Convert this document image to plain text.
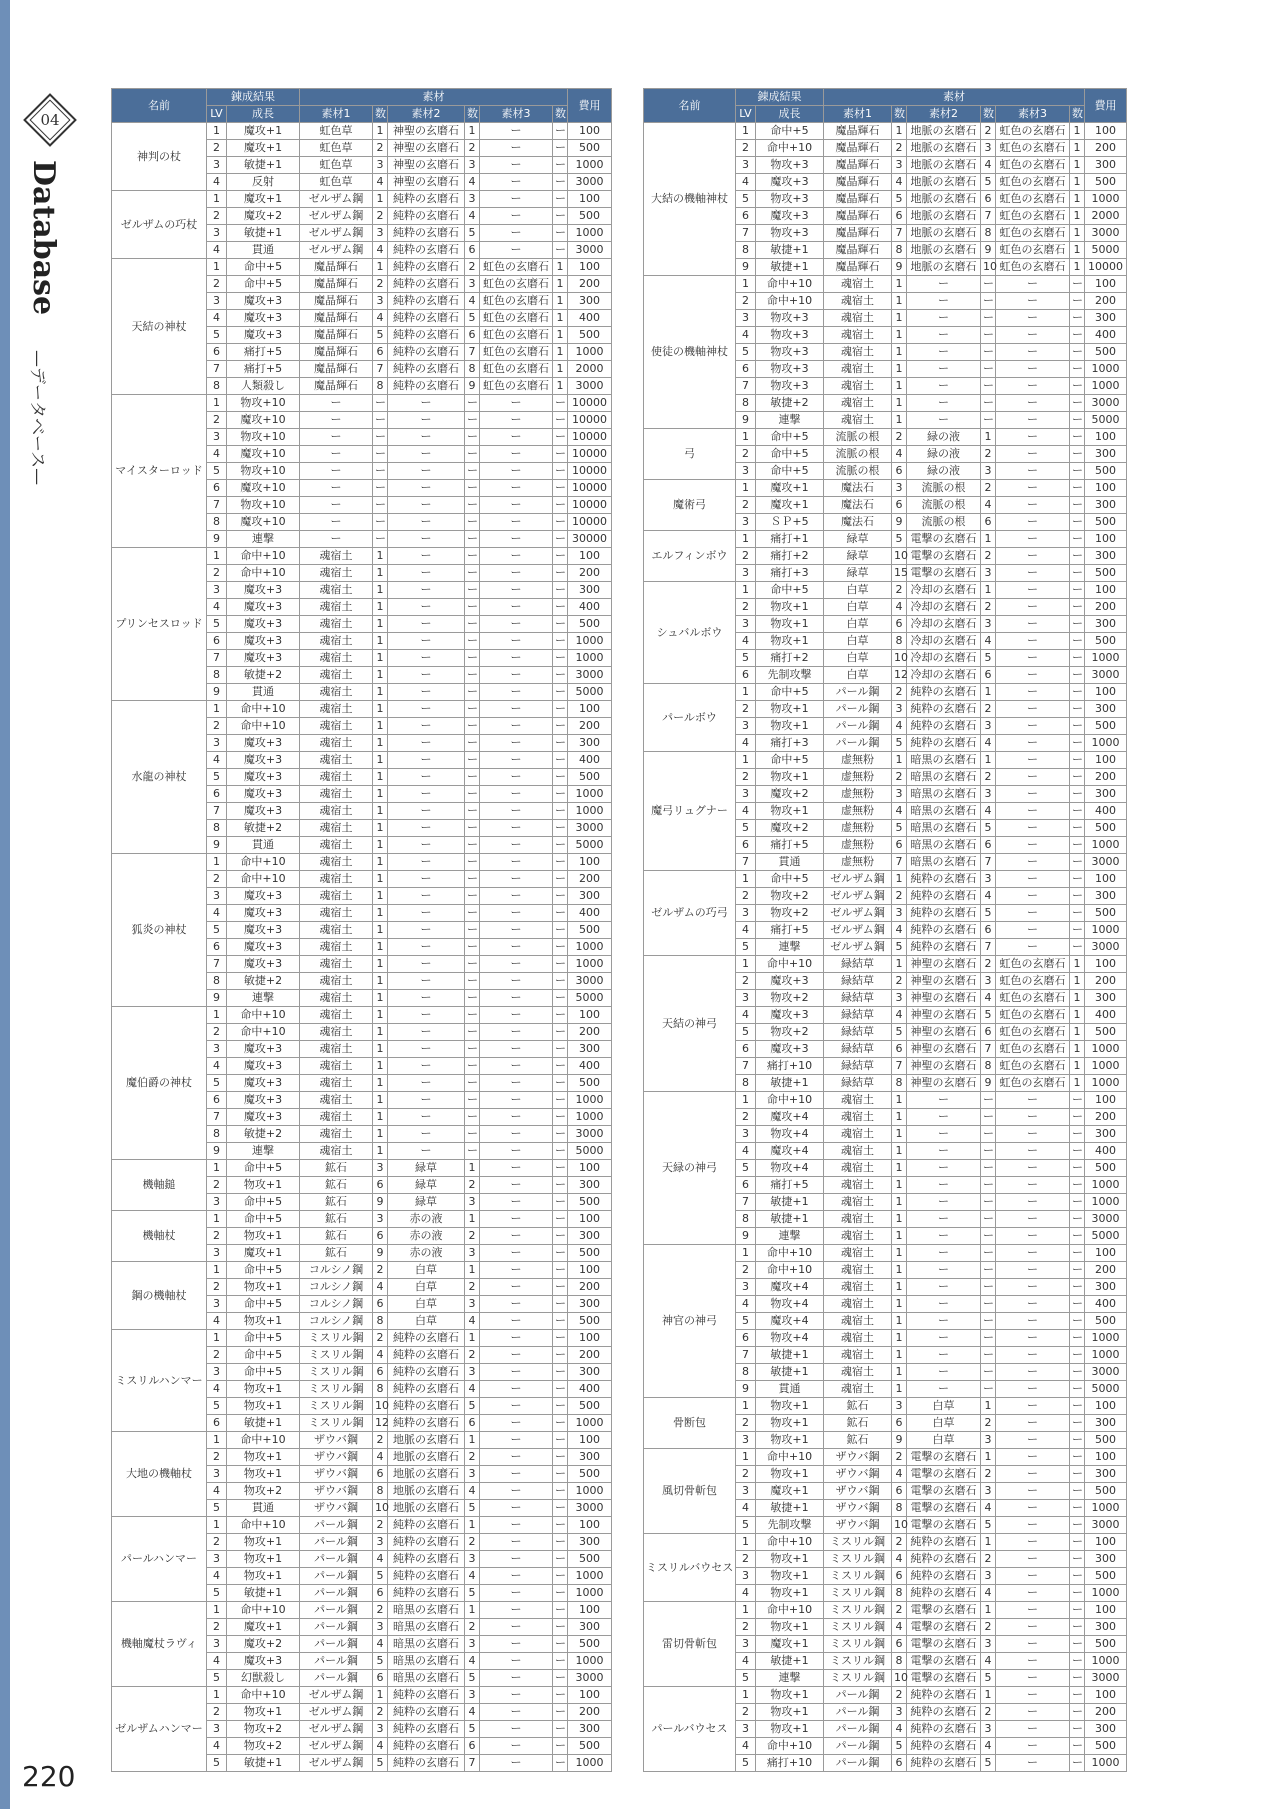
04
Database
—データベース—
名前	錬成結果		素材						費用
	LV	成長	素材1	数	素材2	数	素材3	数	
神判の杖	1	魔攻+1	虹色草	1	神聖の玄磨石	1	ー	ー	100
	2	魔攻+1	虹色草	2	神聖の玄磨石	2	ー	ー	500
	3	敏捷+1	虹色草	3	神聖の玄磨石	3	ー	ー	1000
	4	反射	虹色草	4	神聖の玄磨石	4	ー	ー	3000
ゼルザムの巧杖	1	魔攻+1	ゼルザム鋼	1	純粋の玄磨石	3	ー	ー	100
	2	魔攻+2	ゼルザム鋼	2	純粋の玄磨石	4	ー	ー	500
	3	敏捷+1	ゼルザム鋼	3	純粋の玄磨石	5	ー	ー	1000
	4	貫通	ゼルザム鋼	4	純粋の玄磨石	6	ー	ー	3000
天結の神杖	1	命中+5	魔晶輝石	1	純粋の玄磨石	2	虹色の玄磨石	1	100
	2	命中+5	魔晶輝石	2	純粋の玄磨石	3	虹色の玄磨石	1	200
	3	魔攻+3	魔晶輝石	3	純粋の玄磨石	4	虹色の玄磨石	1	300
	4	魔攻+3	魔晶輝石	4	純粋の玄磨石	5	虹色の玄磨石	1	400
	5	魔攻+3	魔晶輝石	5	純粋の玄磨石	6	虹色の玄磨石	1	500
	6	痛打+5	魔晶輝石	6	純粋の玄磨石	7	虹色の玄磨石	1	1000
	7	痛打+5	魔晶輝石	7	純粋の玄磨石	8	虹色の玄磨石	1	2000
	8	人類殺し	魔晶輝石	8	純粋の玄磨石	9	虹色の玄磨石	1	3000
マイスターロッド	1	物攻+10	ー	ー	ー	ー	ー	ー	10000
	2	魔攻+10	ー	ー	ー	ー	ー	ー	10000
	3	物攻+10	ー	ー	ー	ー	ー	ー	10000
	4	魔攻+10	ー	ー	ー	ー	ー	ー	10000
	5	物攻+10	ー	ー	ー	ー	ー	ー	10000
	6	魔攻+10	ー	ー	ー	ー	ー	ー	10000
	7	物攻+10	ー	ー	ー	ー	ー	ー	10000
	8	魔攻+10	ー	ー	ー	ー	ー	ー	10000
	9	連撃	ー	ー	ー	ー	ー	ー	30000
プリンセスロッド	1	命中+10	魂宿土	1	ー	ー	ー	ー	100
	2	命中+10	魂宿土	1	ー	ー	ー	ー	200
	3	魔攻+3	魂宿土	1	ー	ー	ー	ー	300
	4	魔攻+3	魂宿土	1	ー	ー	ー	ー	400
	5	魔攻+3	魂宿土	1	ー	ー	ー	ー	500
	6	魔攻+3	魂宿土	1	ー	ー	ー	ー	1000
	7	魔攻+3	魂宿土	1	ー	ー	ー	ー	1000
	8	敏捷+2	魂宿土	1	ー	ー	ー	ー	3000
	9	貫通	魂宿土	1	ー	ー	ー	ー	5000
水龍の神杖	1	命中+10	魂宿土	1	ー	ー	ー	ー	100
	2	命中+10	魂宿土	1	ー	ー	ー	ー	200
	3	魔攻+3	魂宿土	1	ー	ー	ー	ー	300
	4	魔攻+3	魂宿土	1	ー	ー	ー	ー	400
	5	魔攻+3	魂宿土	1	ー	ー	ー	ー	500
	6	魔攻+3	魂宿土	1	ー	ー	ー	ー	1000
	7	魔攻+3	魂宿土	1	ー	ー	ー	ー	1000
	8	敏捷+2	魂宿土	1	ー	ー	ー	ー	3000
	9	貫通	魂宿土	1	ー	ー	ー	ー	5000
狐炎の神杖	1	命中+10	魂宿土	1	ー	ー	ー	ー	100
	2	命中+10	魂宿土	1	ー	ー	ー	ー	200
	3	魔攻+3	魂宿土	1	ー	ー	ー	ー	300
	4	魔攻+3	魂宿土	1	ー	ー	ー	ー	400
	5	魔攻+3	魂宿土	1	ー	ー	ー	ー	500
	6	魔攻+3	魂宿土	1	ー	ー	ー	ー	1000
	7	魔攻+3	魂宿土	1	ー	ー	ー	ー	1000
	8	敏捷+2	魂宿土	1	ー	ー	ー	ー	3000
	9	連撃	魂宿土	1	ー	ー	ー	ー	5000
魔伯爵の神杖	1	命中+10	魂宿土	1	ー	ー	ー	ー	100
	2	命中+10	魂宿土	1	ー	ー	ー	ー	200
	3	魔攻+3	魂宿土	1	ー	ー	ー	ー	300
	4	魔攻+3	魂宿土	1	ー	ー	ー	ー	400
	5	魔攻+3	魂宿土	1	ー	ー	ー	ー	500
	6	魔攻+3	魂宿土	1	ー	ー	ー	ー	1000
	7	魔攻+3	魂宿土	1	ー	ー	ー	ー	1000
	8	敏捷+2	魂宿土	1	ー	ー	ー	ー	3000
	9	連撃	魂宿土	1	ー	ー	ー	ー	5000
機軸鎚	1	命中+5	鉱石	3	緑草	1	ー	ー	100
	2	物攻+1	鉱石	6	緑草	2	ー	ー	300
	3	命中+5	鉱石	9	緑草	3	ー	ー	500
機軸杖	1	命中+5	鉱石	3	赤の液	1	ー	ー	100
	2	物攻+1	鉱石	6	赤の液	2	ー	ー	300
	3	魔攻+1	鉱石	9	赤の液	3	ー	ー	500
鋼の機軸杖	1	命中+5	コルシノ鋼	2	白草	1	ー	ー	100
	2	物攻+1	コルシノ鋼	4	白草	2	ー	ー	200
	3	命中+5	コルシノ鋼	6	白草	3	ー	ー	300
	4	物攻+1	コルシノ鋼	8	白草	4	ー	ー	500
ミスリルハンマー	1	命中+5	ミスリル鋼	2	純粋の玄磨石	1	ー	ー	100
	2	命中+5	ミスリル鋼	4	純粋の玄磨石	2	ー	ー	200
	3	命中+5	ミスリル鋼	6	純粋の玄磨石	3	ー	ー	300
	4	物攻+1	ミスリル鋼	8	純粋の玄磨石	4	ー	ー	400
	5	物攻+1	ミスリル鋼	10	純粋の玄磨石	5	ー	ー	500
	6	敏捷+1	ミスリル鋼	12	純粋の玄磨石	6	ー	ー	1000
大地の機軸杖	1	命中+10	ザウバ鋼	2	地脈の玄磨石	1	ー	ー	100
	2	物攻+1	ザウバ鋼	4	地脈の玄磨石	2	ー	ー	300
	3	物攻+1	ザウバ鋼	6	地脈の玄磨石	3	ー	ー	500
	4	物攻+2	ザウバ鋼	8	地脈の玄磨石	4	ー	ー	1000
	5	貫通	ザウバ鋼	10	地脈の玄磨石	5	ー	ー	3000
パールハンマー	1	命中+10	パール鋼	2	純粋の玄磨石	1	ー	ー	100
	2	物攻+1	パール鋼	3	純粋の玄磨石	2	ー	ー	300
	3	物攻+1	パール鋼	4	純粋の玄磨石	3	ー	ー	500
	4	物攻+1	パール鋼	5	純粋の玄磨石	4	ー	ー	1000
	5	敏捷+1	パール鋼	6	純粋の玄磨石	5	ー	ー	1000
機軸魔杖ラヴィ	1	命中+10	パール鋼	2	暗黒の玄磨石	1	ー	ー	100
	2	魔攻+1	パール鋼	3	暗黒の玄磨石	2	ー	ー	300
	3	魔攻+2	パール鋼	4	暗黒の玄磨石	3	ー	ー	500
	4	魔攻+3	パール鋼	5	暗黒の玄磨石	4	ー	ー	1000
	5	幻獣殺し	パール鋼	6	暗黒の玄磨石	5	ー	ー	3000
ゼルザムハンマー	1	命中+10	ゼルザム鋼	1	純粋の玄磨石	3	ー	ー	100
	2	物攻+1	ゼルザム鋼	2	純粋の玄磨石	4	ー	ー	200
	3	物攻+2	ゼルザム鋼	3	純粋の玄磨石	5	ー	ー	300
	4	物攻+2	ゼルザム鋼	4	純粋の玄磨石	6	ー	ー	500
	5	敏捷+1	ゼルザム鋼	5	純粋の玄磨石	7	ー	ー	1000
名前	錬成結果		素材						費用
	LV	成長	素材1	数	素材2	数	素材3	数	
大結の機軸神杖	1	命中+5	魔晶輝石	1	地脈の玄磨石	2	虹色の玄磨石	1	100
	2	命中+10	魔晶輝石	2	地脈の玄磨石	3	虹色の玄磨石	1	200
	3	物攻+3	魔晶輝石	3	地脈の玄磨石	4	虹色の玄磨石	1	300
	4	魔攻+3	魔晶輝石	4	地脈の玄磨石	5	虹色の玄磨石	1	500
	5	物攻+3	魔晶輝石	5	地脈の玄磨石	6	虹色の玄磨石	1	1000
	6	魔攻+3	魔晶輝石	6	地脈の玄磨石	7	虹色の玄磨石	1	2000
	7	物攻+3	魔晶輝石	7	地脈の玄磨石	8	虹色の玄磨石	1	3000
	8	敏捷+1	魔晶輝石	8	地脈の玄磨石	9	虹色の玄磨石	1	5000
	9	敏捷+1	魔晶輝石	9	地脈の玄磨石	10	虹色の玄磨石	1	10000
使徒の機軸神杖	1	命中+10	魂宿土	1	ー	ー	ー	ー	100
	2	命中+10	魂宿土	1	ー	ー	ー	ー	200
	3	物攻+3	魂宿土	1	ー	ー	ー	ー	300
	4	物攻+3	魂宿土	1	ー	ー	ー	ー	400
	5	物攻+3	魂宿土	1	ー	ー	ー	ー	500
	6	物攻+3	魂宿土	1	ー	ー	ー	ー	1000
	7	物攻+3	魂宿土	1	ー	ー	ー	ー	1000
	8	敏捷+2	魂宿土	1	ー	ー	ー	ー	3000
	9	連撃	魂宿土	1	ー	ー	ー	ー	5000
弓	1	命中+5	流脈の根	2	緑の液	1	ー	ー	100
	2	命中+5	流脈の根	4	緑の液	2	ー	ー	300
	3	命中+5	流脈の根	6	緑の液	3	ー	ー	500
魔術弓	1	魔攻+1	魔法石	3	流脈の根	2	ー	ー	100
	2	魔攻+1	魔法石	6	流脈の根	4	ー	ー	300
	3	ＳＰ+5	魔法石	9	流脈の根	6	ー	ー	500
エルフィンボウ	1	痛打+1	緑草	5	電撃の玄磨石	1	ー	ー	100
	2	痛打+2	緑草	10	電撃の玄磨石	2	ー	ー	300
	3	痛打+3	緑草	15	電撃の玄磨石	3	ー	ー	500
シュバルボウ	1	命中+5	白草	2	冷却の玄磨石	1	ー	ー	100
	2	物攻+1	白草	4	冷却の玄磨石	2	ー	ー	200
	3	物攻+1	白草	6	冷却の玄磨石	3	ー	ー	300
	4	物攻+1	白草	8	冷却の玄磨石	4	ー	ー	500
	5	痛打+2	白草	10	冷却の玄磨石	5	ー	ー	1000
	6	先制攻撃	白草	12	冷却の玄磨石	6	ー	ー	3000
パールボウ	1	命中+5	パール鋼	2	純粋の玄磨石	1	ー	ー	100
	2	物攻+1	パール鋼	3	純粋の玄磨石	2	ー	ー	300
	3	物攻+1	パール鋼	4	純粋の玄磨石	3	ー	ー	500
	4	痛打+3	パール鋼	5	純粋の玄磨石	4	ー	ー	1000
魔弓リュグナー	1	命中+5	虚無粉	1	暗黒の玄磨石	1	ー	ー	100
	2	物攻+1	虚無粉	2	暗黒の玄磨石	2	ー	ー	200
	3	魔攻+2	虚無粉	3	暗黒の玄磨石	3	ー	ー	300
	4	物攻+1	虚無粉	4	暗黒の玄磨石	4	ー	ー	400
	5	魔攻+2	虚無粉	5	暗黒の玄磨石	5	ー	ー	500
	6	痛打+5	虚無粉	6	暗黒の玄磨石	6	ー	ー	1000
	7	貫通	虚無粉	7	暗黒の玄磨石	7	ー	ー	3000
ゼルザムの巧弓	1	命中+5	ゼルザム鋼	1	純粋の玄磨石	3	ー	ー	100
	2	物攻+2	ゼルザム鋼	2	純粋の玄磨石	4	ー	ー	300
	3	物攻+2	ゼルザム鋼	3	純粋の玄磨石	5	ー	ー	500
	4	痛打+5	ゼルザム鋼	4	純粋の玄磨石	6	ー	ー	1000
	5	連撃	ゼルザム鋼	5	純粋の玄磨石	7	ー	ー	3000
天結の神弓	1	命中+10	緑結草	1	神聖の玄磨石	2	虹色の玄磨石	1	100
	2	魔攻+3	緑結草	2	神聖の玄磨石	3	虹色の玄磨石	1	200
	3	物攻+2	緑結草	3	神聖の玄磨石	4	虹色の玄磨石	1	300
	4	魔攻+3	緑結草	4	神聖の玄磨石	5	虹色の玄磨石	1	400
	5	物攻+2	緑結草	5	神聖の玄磨石	6	虹色の玄磨石	1	500
	6	魔攻+3	緑結草	6	神聖の玄磨石	7	虹色の玄磨石	1	1000
	7	痛打+10	緑結草	7	神聖の玄磨石	8	虹色の玄磨石	1	1000
	8	敏捷+1	緑結草	8	神聖の玄磨石	9	虹色の玄磨石	1	1000
天緑の神弓	1	命中+10	魂宿土	1	ー	ー	ー	ー	100
	2	魔攻+4	魂宿土	1	ー	ー	ー	ー	200
	3	物攻+4	魂宿土	1	ー	ー	ー	ー	300
	4	魔攻+4	魂宿土	1	ー	ー	ー	ー	400
	5	物攻+4	魂宿土	1	ー	ー	ー	ー	500
	6	痛打+5	魂宿土	1	ー	ー	ー	ー	1000
	7	敏捷+1	魂宿土	1	ー	ー	ー	ー	1000
	8	敏捷+1	魂宿土	1	ー	ー	ー	ー	3000
	9	連撃	魂宿土	1	ー	ー	ー	ー	5000
神官の神弓	1	命中+10	魂宿土	1	ー	ー	ー	ー	100
	2	命中+10	魂宿土	1	ー	ー	ー	ー	200
	3	魔攻+4	魂宿土	1	ー	ー	ー	ー	300
	4	物攻+4	魂宿土	1	ー	ー	ー	ー	400
	5	魔攻+4	魂宿土	1	ー	ー	ー	ー	500
	6	物攻+4	魂宿土	1	ー	ー	ー	ー	1000
	7	敏捷+1	魂宿土	1	ー	ー	ー	ー	1000
	8	敏捷+1	魂宿土	1	ー	ー	ー	ー	3000
	9	貫通	魂宿土	1	ー	ー	ー	ー	5000
骨断包	1	物攻+1	鉱石	3	白草	1	ー	ー	100
	2	物攻+1	鉱石	6	白草	2	ー	ー	300
	3	物攻+1	鉱石	9	白草	3	ー	ー	500
風切骨斬包	1	命中+10	ザウバ鋼	2	電撃の玄磨石	1	ー	ー	100
	2	物攻+1	ザウバ鋼	4	電撃の玄磨石	2	ー	ー	300
	3	魔攻+1	ザウバ鋼	6	電撃の玄磨石	3	ー	ー	500
	4	敏捷+1	ザウバ鋼	8	電撃の玄磨石	4	ー	ー	1000
	5	先制攻撃	ザウバ鋼	10	電撃の玄磨石	5	ー	ー	3000
ミスリルバウセス	1	命中+10	ミスリル鋼	2	純粋の玄磨石	1	ー	ー	100
	2	物攻+1	ミスリル鋼	4	純粋の玄磨石	2	ー	ー	300
	3	物攻+1	ミスリル鋼	6	純粋の玄磨石	3	ー	ー	500
	4	物攻+1	ミスリル鋼	8	純粋の玄磨石	4	ー	ー	1000
雷切骨斬包	1	命中+10	ミスリル鋼	2	電撃の玄磨石	1	ー	ー	100
	2	物攻+1	ミスリル鋼	4	電撃の玄磨石	2	ー	ー	300
	3	魔攻+1	ミスリル鋼	6	電撃の玄磨石	3	ー	ー	500
	4	敏捷+1	ミスリル鋼	8	電撃の玄磨石	4	ー	ー	1000
	5	連撃	ミスリル鋼	10	電撃の玄磨石	5	ー	ー	3000
パールバウセス	1	物攻+1	パール鋼	2	純粋の玄磨石	1	ー	ー	100
	2	物攻+1	パール鋼	3	純粋の玄磨石	2	ー	ー	200
	3	物攻+1	パール鋼	4	純粋の玄磨石	3	ー	ー	300
	4	命中+10	パール鋼	5	純粋の玄磨石	4	ー	ー	500
	5	痛打+10	パール鋼	6	純粋の玄磨石	5	ー	ー	1000
220
